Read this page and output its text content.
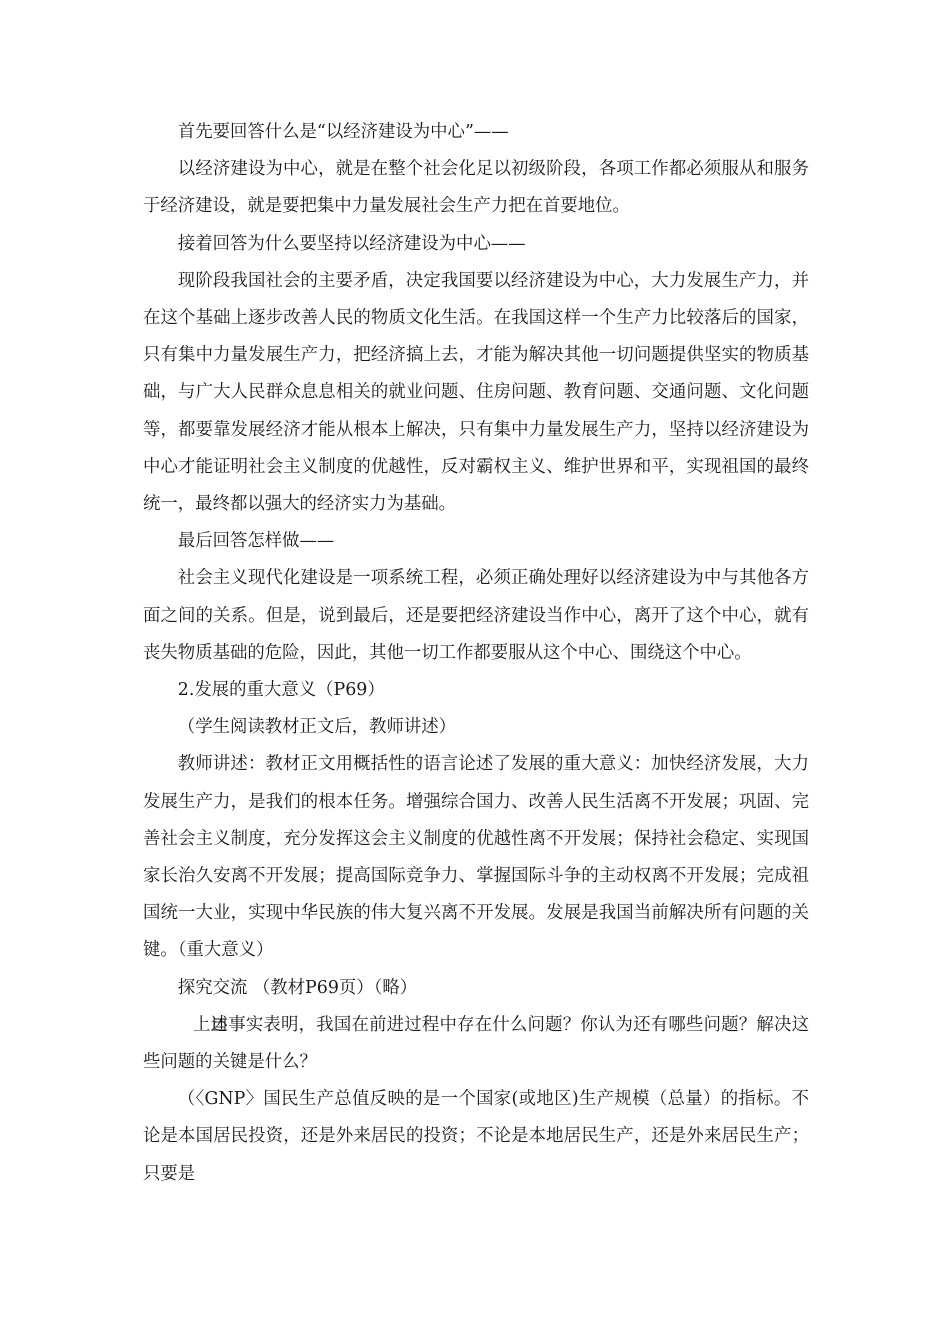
首先要回答什么是“以经济建设为中心”——

以经济建设为中心，就是在整个社会化足以初级阶段，各项工作都必须服从和服务于经济建设，就是要把集中力量发展社会生产力把在首要地位。

接着回答为什么要坚持以经济建设为中心——

现阶段我国社会的主要矛盾，决定我国要以经济建设为中心，大力发展生产力，并在这个基础上逐步改善人民的物质文化生活。在我国这样一个生产力比较落后的国家，只有集中力量发展生产力，把经济搞上去，才能为解决其他一切问题提供坚实的物质基础，与广大人民群众息息相关的就业问题、住房问题、教育问题、交通问题、文化问题等，都要靠发展经济才能从根本上解决，只有集中力量发展生产力，坚持以经济建设为中心才能证明社会主义制度的优越性，反对霸权主义、维护世界和平，实现祖国的最终统一，最终都以强大的经济实力为基础。

最后回答怎样做——

社会主义现代化建设是一项系统工程，必须正确处理好以经济建设为中与其他各方面之间的关系。但是，说到最后，还是要把经济建设当作中心，离开了这个中心，就有丧失物质基础的危险，因此，其他一切工作都要服从这个中心、围绕这个中心。

2.发展的重大意义（P69）

（学生阅读教材正文后，教师讲述）

教师讲述：教材正文用概括性的语言论述了发展的重大意义：加快经济发展，大力发展生产力，是我们的根本任务。增强综合国力、改善人民生活离不开发展；巩固、完善社会主义制度，充分发挥这会主义制度的优越性离不开发展；保持社会稳定、实现国家长治久安离不开发展；提高国际竞争力、掌握国际斗争的主动权离不开发展；完成祖国统一大业，实现中华民族的伟大复兴离不开发展。发展是我国当前解决所有问题的关键。（重大意义）

探究交流 （教材P69页）（略）

上述事实表明，我国在前进过程中存在什么问题？你认为还有哪些问题？解决这些问题的关键是什么？

（〈GNP〉国民生产总值反映的是一个国家(或地区)生产规模（总量）的指标。不论是本国居民投资，还是外来居民的投资；不论是本地居民生产，还是外来居民生产；只要是
